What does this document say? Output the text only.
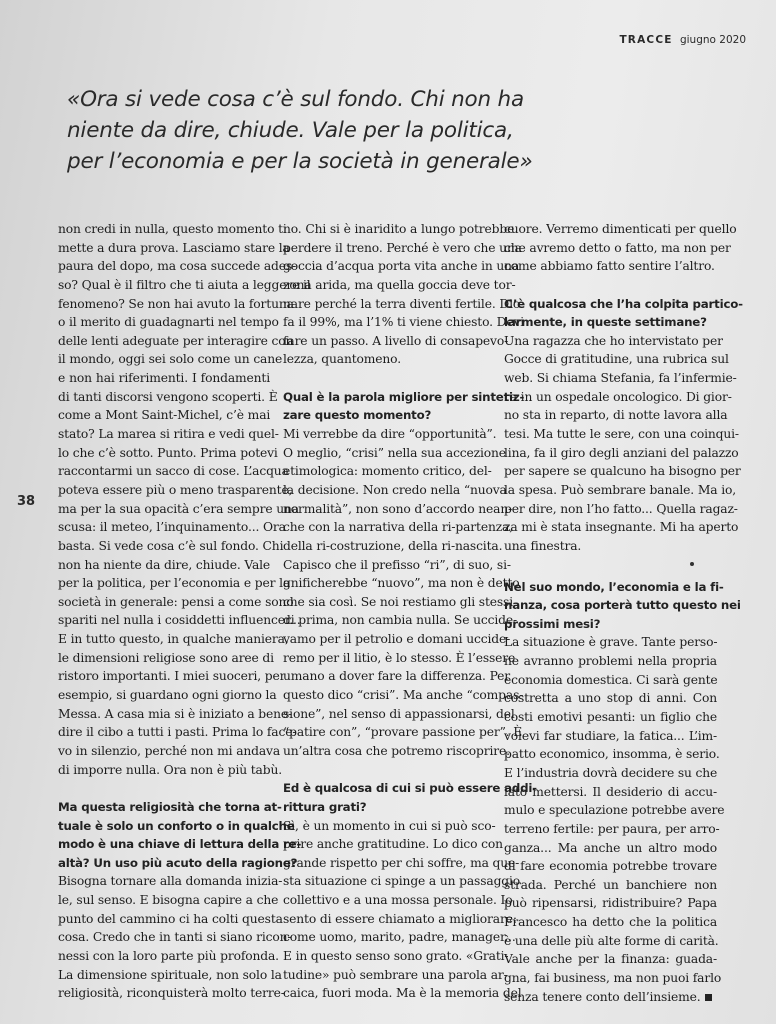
TRACCE giugno 2020
«Ora si vede cosa c’è sul fondo. Chi non ha
niente da dire, chiude. Vale per la politica,
per l’economia e per la società in generale»
38
non credi in nulla, questo momento ti
mette a dura prova. Lasciamo stare la
paura del dopo, ma cosa succede ades-
so? Qual è il filtro che ti aiuta a leggere il
fenomeno? Se non hai avuto la fortuna
o il merito di guadagnarti nel tempo
delle lenti adeguate per interagire con
il mondo, oggi sei solo come un cane
e non hai riferimenti. I fondamenti
di tanti discorsi vengono scoperti. È
come a Mont Saint-Michel, c’è mai
stato? La marea si ritira e vedi quel-
lo che c’è sotto. Punto. Prima potevi
raccontarmi un sacco di cose. L’acqua
poteva essere più o meno trasparente,
ma per la sua opacità c’era sempre una
scusa: il meteo, l’inquinamento... Ora
basta. Si vede cosa c’è sul fondo. Chi
non ha niente da dire, chiude. Vale
per la politica, per l’economia e per la
società in generale: pensi a come sono
spariti nel nulla i cosiddetti influencer...
E in tutto questo, in qualche maniera,
le dimensioni religiose sono aree di
ristoro importanti. I miei suoceri, per
esempio, si guardano ogni giorno la
Messa. A casa mia si è iniziato a bene-
dire il cibo a tutti i pasti. Prima lo face-
vo in silenzio, perché non mi andava
di imporre nulla. Ora non è più tabù.
Ma questa religiosità che torna at-
tuale è solo un conforto o in qualche
modo è una chiave di lettura della re-
altà? Un uso più acuto della ragione?
Bisogna tornare alla domanda inizia-
le, sul senso. E bisogna capire a che
punto del cammino ci ha colti questa
cosa. Credo che in tanti si siano ricon-
nessi con la loro parte più profonda.
La dimensione spirituale, non solo la
religiosità, riconquisterà molto terre-
no. Chi si è inaridito a lungo potrebbe
perdere il treno. Perché è vero che una
goccia d’acqua porta vita anche in una
zona arida, ma quella goccia deve tor-
nare perché la terra diventi fertile. Dio
fa il 99%, ma l’1% ti viene chiesto. Devi
fare un passo. A livello di consapevo-
lezza, quantomeno.
Qual è la parola migliore per sintetiz-
zare questo momento?
Mi verrebbe da dire “opportunità”.
O meglio, “crisi” nella sua accezione
etimologica: momento critico, del-
la decisione. Non credo nella “nuova
normalità”, non sono d’accordo nean-
che con la narrativa della ri-partenza,
della ri-costruzione, della ri-nascita.
Capisco che il prefisso “ri”, di suo, si-
gnificherebbe “nuovo”, ma non è detto
che sia così. Se noi restiamo gli stessi
di prima, non cambia nulla. Se uccide-
vamo per il petrolio e domani uccide-
remo per il litio, è lo stesso. È l’essere
umano a dover fare la differenza. Per
questo dico “crisi”. Ma anche “compas-
sione”, nel senso di appassionarsi, del
“patire con”, “provare passione per”. È
un’altra cosa che potremo riscoprire.
Ed è qualcosa di cui si può essere addi-
rittura grati?
Sì, è un momento in cui si può sco-
prire anche gratitudine. Lo dico con
grande rispetto per chi soffre, ma que-
sta situazione ci spinge a un passaggio
collettivo e a una mossa personale. Io
sento di essere chiamato a migliorare:
come uomo, marito, padre, manager...
E in questo senso sono grato. «Grati-
tudine» può sembrare una parola ar-
caica, fuori moda. Ma è la memoria del
cuore. Verremo dimenticati per quello
che avremo detto o fatto, ma non per
come abbiamo fatto sentire l’altro.
C’è qualcosa che l’ha colpita partico-
larmente, in queste settimane?
Una ragazza che ho intervistato per
Gocce di gratitudine, una rubrica sul
web. Si chiama Stefania, fa l’infermie-
ra in un ospedale oncologico. Di gior-
no sta in reparto, di notte lavora alla
tesi. Ma tutte le sere, con una coinqui-
lina, fa il giro degli anziani del palazzo
per sapere se qualcuno ha bisogno per
la spesa. Può sembrare banale. Ma io,
per dire, non l’ho fatto... Quella ragaz-
za mi è stata insegnante. Mi ha aperto
una finestra.
Nel suo mondo, l’economia e la fi-
nanza, cosa porterà tutto questo nei
prossimi mesi?
La situazione è grave. Tante perso-
ne avranno problemi nella propria
economia domestica. Ci sarà gente
costretta a uno stop di anni. Con
costi emotivi pesanti: un figlio che
volevi far studiare, la fatica... L’im-
patto economico, insomma, è serio.
E l’industria dovrà decidere su che
lato mettersi. Il desiderio di accu-
mulo e speculazione potrebbe avere
terreno fertile: per paura, per arro-
ganza... Ma anche un altro modo
di fare economia potrebbe trovare
strada. Perché un banchiere non
può ripensarsi, ridistribuire? Papa
Francesco ha detto che la politica
è una delle più alte forme di carità.
Vale anche per la finanza: guada-
gna, fai business, ma non puoi farlo
senza tenere conto dell’insieme.
